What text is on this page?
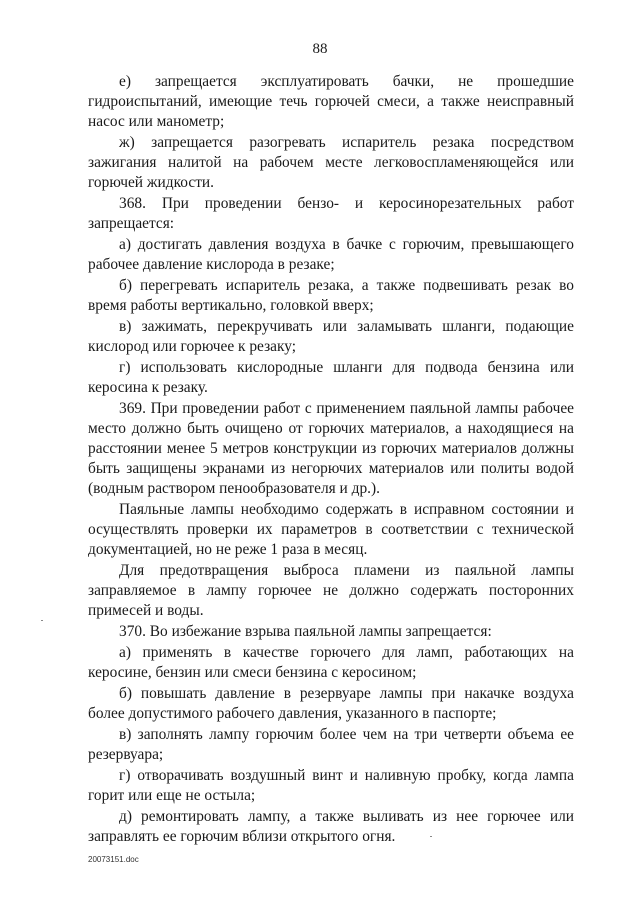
88

е) запрещается эксплуатировать бачки, не прошедшие гидроиспытаний, имеющие течь горючей смеси, а также неисправный насос или манометр;

ж) запрещается разогревать испаритель резака посредством зажигания налитой на рабочем месте легковоспламеняющейся или горючей жидкости.

368. При проведении бензо- и керосинорезательных работ запрещается:

а) достигать давления воздуха в бачке с горючим, превышающего рабочее давление кислорода в резаке;

б) перегревать испаритель резака, а также подвешивать резак во время работы вертикально, головкой вверх;

в) зажимать, перекручивать или заламывать шланги, подающие кислород или горючее к резаку;

г) использовать кислородные шланги для подвода бензина или керосина к резаку.

369. При проведении работ с применением паяльной лампы рабочее место должно быть очищено от горючих материалов, а находящиеся на расстоянии менее 5 метров конструкции из горючих материалов должны быть защищены экранами из негорючих материалов или политы водой (водным раствором пенообразователя и др.).

Паяльные лампы необходимо содержать в исправном состоянии и осуществлять проверки их параметров в соответствии с технической документацией, но не реже 1 раза в месяц.

Для предотвращения выброса пламени из паяльной лампы заправляемое в лампу горючее не должно содержать посторонних примесей и воды.

370. Во избежание взрыва паяльной лампы запрещается:

а) применять в качестве горючего для ламп, работающих на керосине, бензин или смеси бензина с керосином;

б) повышать давление в резервуаре лампы при накачке воздуха более допустимого рабочего давления, указанного в паспорте;

в) заполнять лампу горючим более чем на три четверти объема ее резервуара;

г) отворачивать воздушный винт и наливную пробку, когда лампа горит или еще не остыла;

д) ремонтировать лампу, а также выливать из нее горючее или заправлять ее горючим вблизи открытого огня.

20073151.doc
